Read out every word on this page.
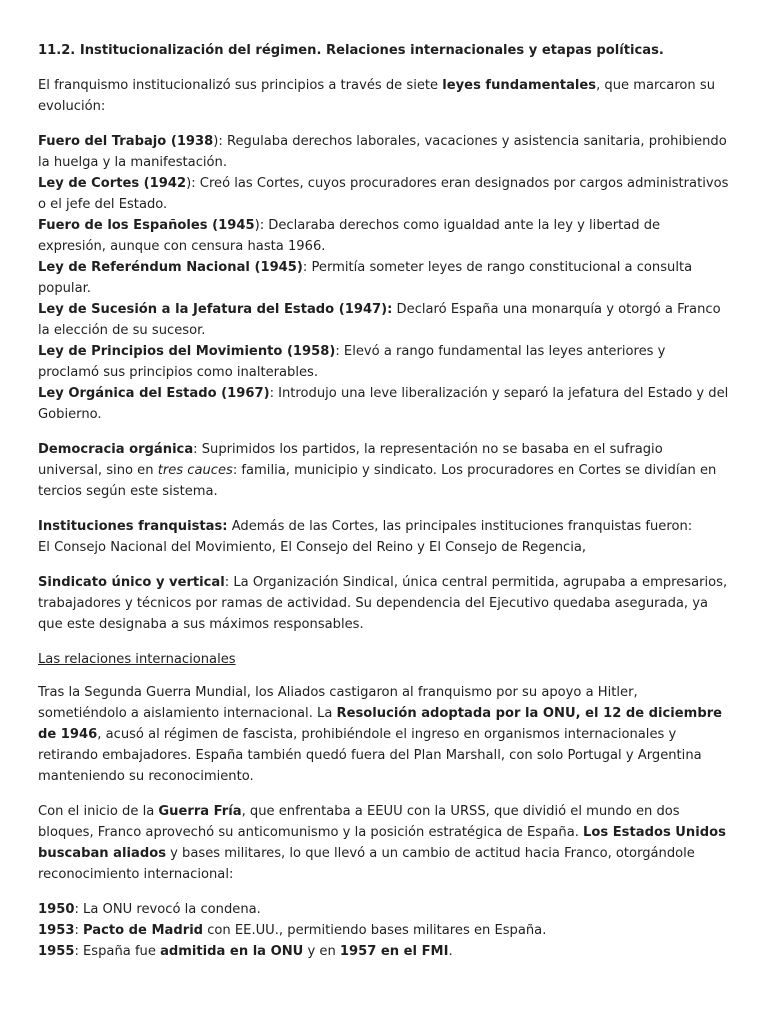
11.2. Institucionalización del régimen. Relaciones internacionales y etapas políticas.

El franquismo institucionalizó sus principios a través de siete leyes fundamentales, que marcaron su evolución:

Fuero del Trabajo (1938): Regulaba derechos laborales, vacaciones y asistencia sanitaria, prohibiendo la huelga y la manifestación.

Ley de Cortes (1942): Creó las Cortes, cuyos procuradores eran designados por cargos administrativos o el jefe del Estado.

Fuero de los Españoles (1945): Declaraba derechos como igualdad ante la ley y libertad de expresión, aunque con censura hasta 1966.

Ley de Referéndum Nacional (1945): Permitía someter leyes de rango constitucional a consulta popular.

Ley de Sucesión a la Jefatura del Estado (1947): Declaró España una monarquía y otorgó a Franco la elección de su sucesor.

Ley de Principios del Movimiento (1958): Elevó a rango fundamental las leyes anteriores y proclamó sus principios como inalterables.

Ley Orgánica del Estado (1967): Introdujo una leve liberalización y separó la jefatura del Estado y del Gobierno.

Democracia orgánica: Suprimidos los partidos, la representación no se basaba en el sufragio universal, sino en tres cauces: familia, municipio y sindicato. Los procuradores en Cortes se dividían en tercios según este sistema.

Instituciones franquistas: Además de las Cortes, las principales instituciones franquistas fueron:

El Consejo Nacional del Movimiento, El Consejo del Reino y El Consejo de Regencia,

Sindicato único y vertical: La Organización Sindical, única central permitida, agrupaba a empresarios, trabajadores y técnicos por ramas de actividad. Su dependencia del Ejecutivo quedaba asegurada, ya que este designaba a sus máximos responsables.

Las relaciones internacionales

Tras la Segunda Guerra Mundial, los Aliados castigaron al franquismo por su apoyo a Hitler, sometiéndolo a aislamiento internacional. La Resolución adoptada por la ONU, el 12 de diciembre de 1946, acusó al régimen de fascista, prohibiéndole el ingreso en organismos internacionales y retirando embajadores. España también quedó fuera del Plan Marshall, con solo Portugal y Argentina manteniendo su reconocimiento.

Con el inicio de la Guerra Fría, que enfrentaba a EEUU con la URSS, que dividió el mundo en dos bloques, Franco aprovechó su anticomunismo y la posición estratégica de España. Los Estados Unidos buscaban aliados y bases militares, lo que llevó a un cambio de actitud hacia Franco, otorgándole reconocimiento internacional:

1950: La ONU revocó la condena.

1953: Pacto de Madrid con EE.UU., permitiendo bases militares en España.

1955: España fue admitida en la ONU y en 1957 en el FMI.
